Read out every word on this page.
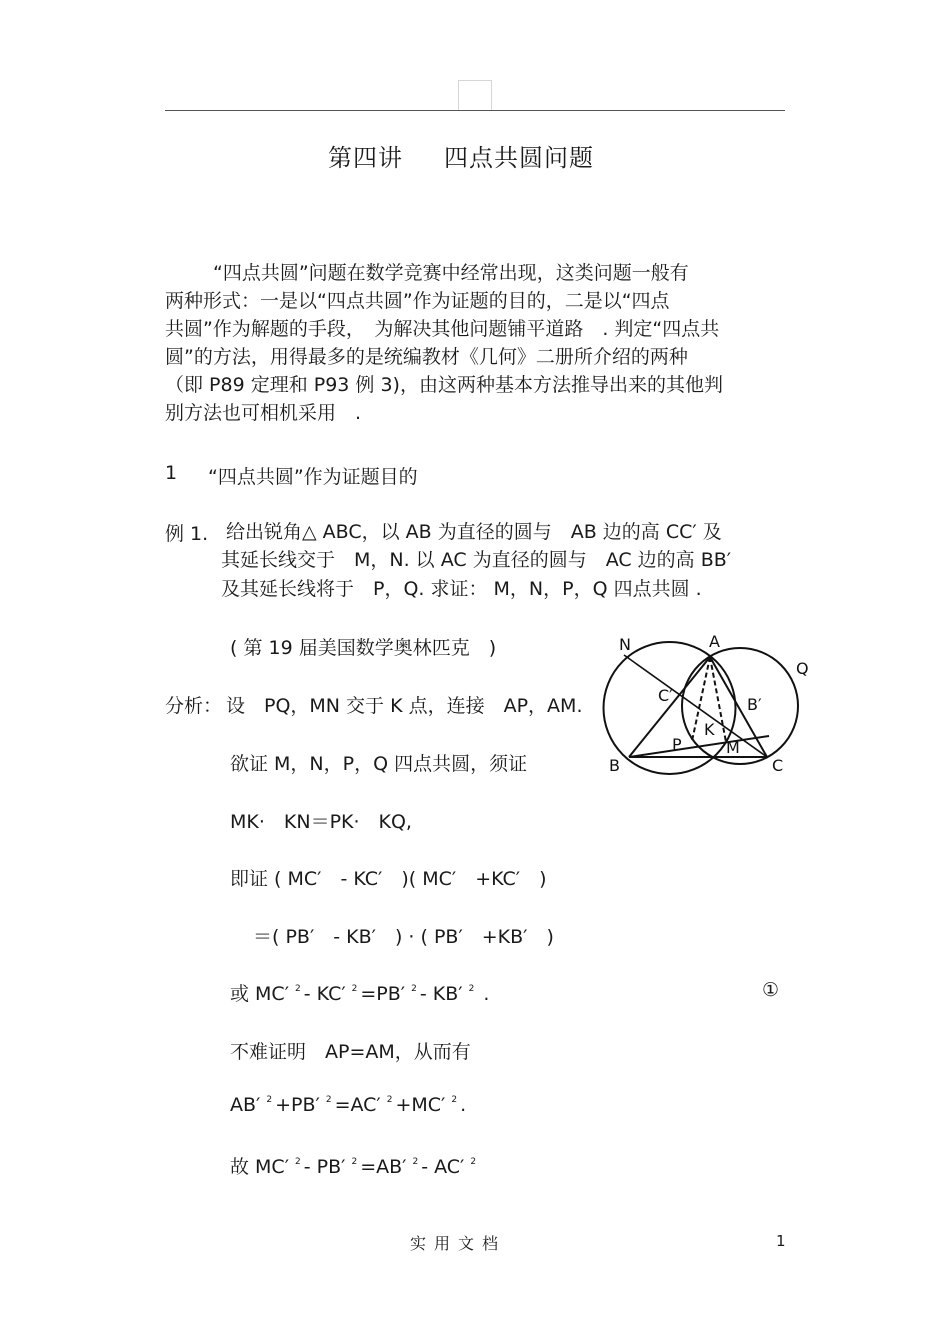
第四讲 四点共圆问题
“四点共圆”问题在数学竞赛中经常出现，这类问题一般有
两种形式：一是以“四点共圆”作为证题的目的，二是以“四点
共圆”作为解题的手段，　为解决其他问题铺平道路　. 判定“四点共
圆”的方法，用得最多的是统编教材《几何》二册所介绍的两种
（即 P89 定理和 P93 例 3)，由这两种基本方法推导出来的其他判
别方法也可相机采用　.
1 “四点共圆”作为证题目的
例 1. 给出锐角△ ABC，以 AB 为直径的圆与　AB 边的高 CC′ 及
其延长线交于　M，N. 以 AC 为直径的圆与　AC 边的高 BB′
及其延长线将于　P，Q. 求证： M，N，P，Q 四点共圆 .
( 第 19 届美国数学奥林匹克　)
分析： 设　PQ，MN 交于 K 点，连接　AP，AM.
欲证 M，N，P，Q 四点共圆，须证
MK·　KN＝PK·　KQ,
即证 ( MC′　- KC′　)( MC′　+KC′　)
＝( PB′　- KB′　) · ( PB′　+KB′　)
或 MC′ $^2$ - KC′ $^2$ =PB′ $^2$ - KB′ $^2$ .	①
不难证明　AP=AM，从而有
AB′ $^2$ +PB′ $^2$ =AC′ $^2$ +MC′ $^2$ .
故 MC′ $^2$ - PB′ $^2$ =AB′ $^2$ - AC′ $^2$
N	A
Q
C′	B′
K
P	M
B	C
实用文档	1
